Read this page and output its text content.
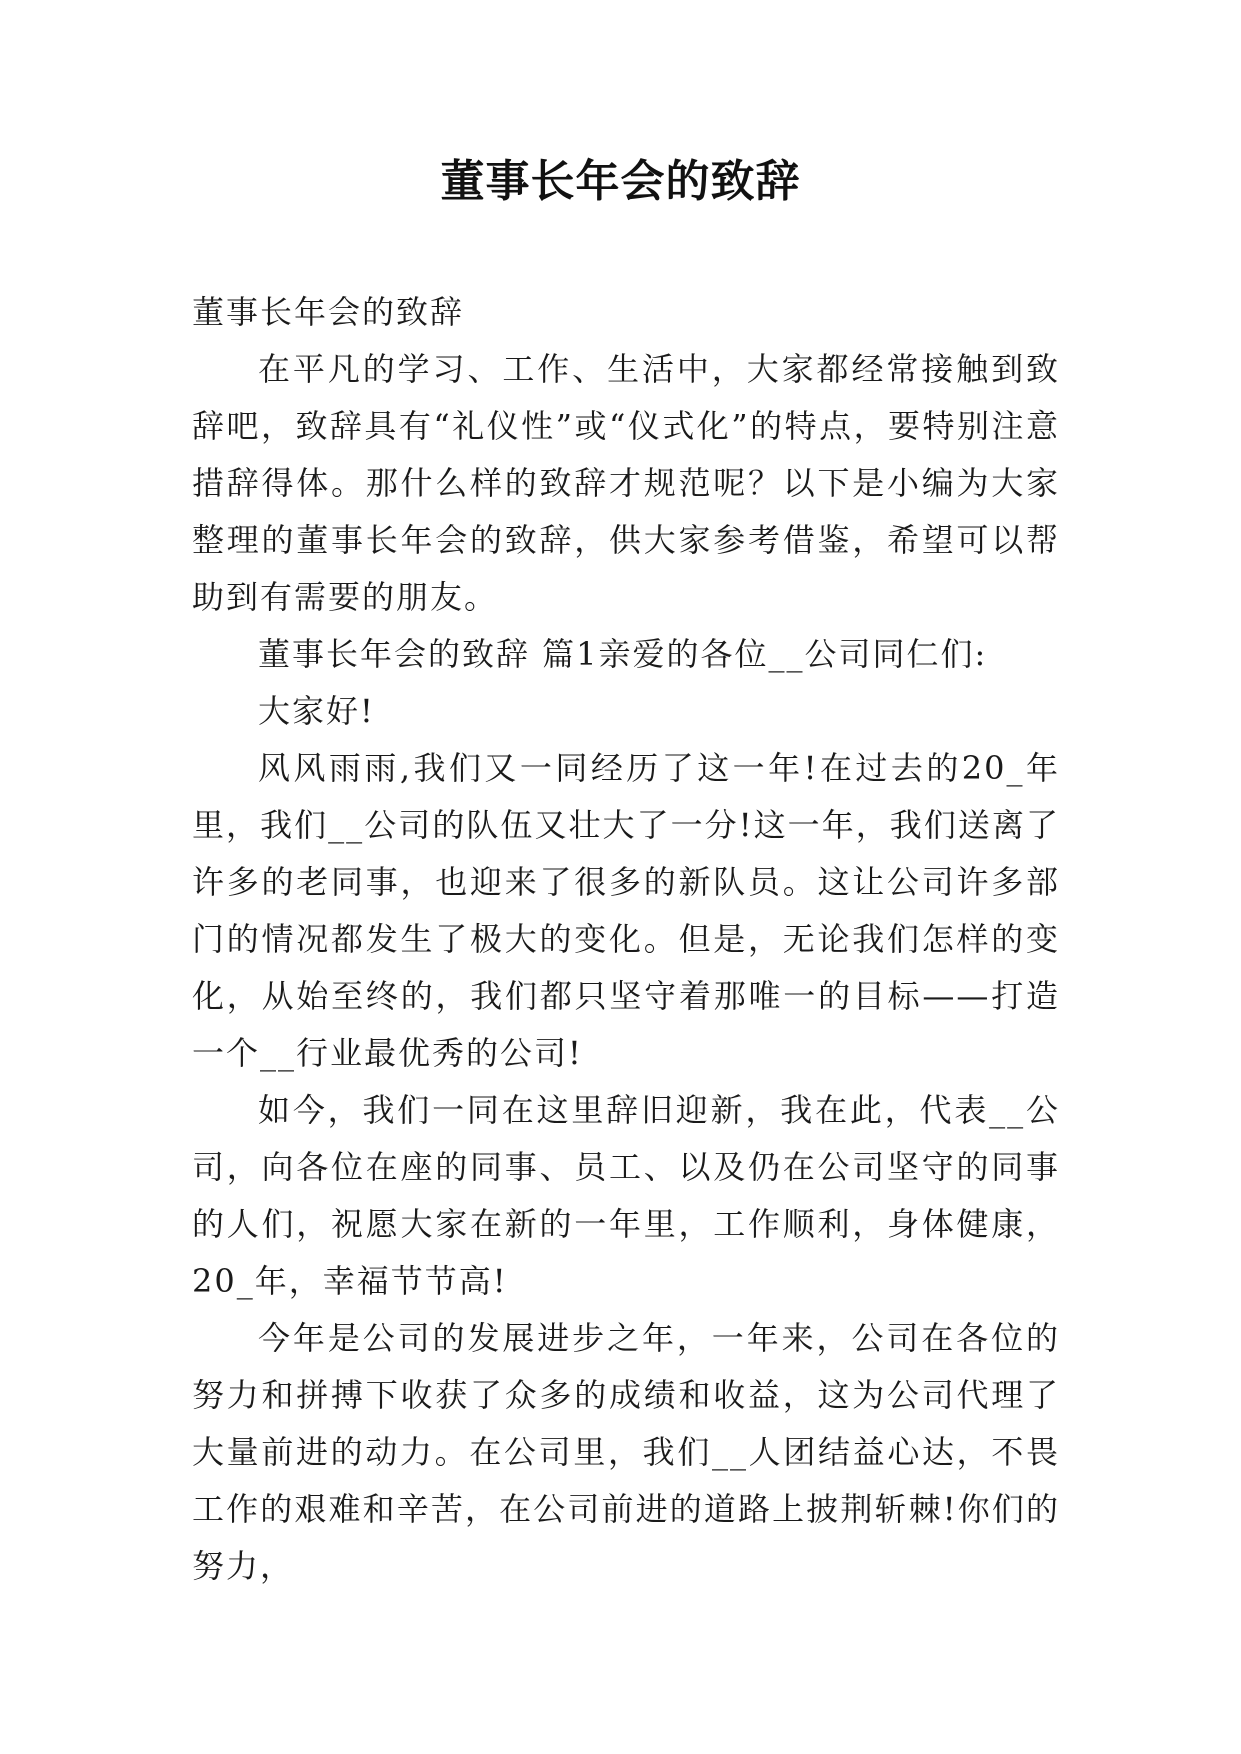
董事长年会的致辞

董事长年会的致辞

在平凡的学习、工作、生活中，大家都经常接触到致辞吧，致辞具有“礼仪性”或“仪式化”的特点，要特别注意措辞得体。那什么样的致辞才规范呢？以下是小编为大家整理的董事长年会的致辞，供大家参考借鉴，希望可以帮助到有需要的朋友。

董事长年会的致辞 篇1亲爱的各位__公司同仁们:

大家好!

风风雨雨,我们又一同经历了这一年!在过去的20_年里，我们__公司的队伍又壮大了一分!这一年，我们送离了许多的老同事，也迎来了很多的新队员。这让公司许多部门的情况都发生了极大的变化。但是，无论我们怎样的变化，从始至终的，我们都只坚守着那唯一的目标——打造一个__行业最优秀的公司!

如今，我们一同在这里辞旧迎新，我在此，代表__公司，向各位在座的同事、员工、以及仍在公司坚守的同事的人们，祝愿大家在新的一年里，工作顺利，身体健康，20_年，幸福节节高!

今年是公司的发展进步之年，一年来，公司在各位的努力和拼搏下收获了众多的成绩和收益，这为公司代理了大量前进的动力。在公司里，我们__人团结益心达，不畏工作的艰难和辛苦，在公司前进的道路上披荆斩棘!你们的努力，
